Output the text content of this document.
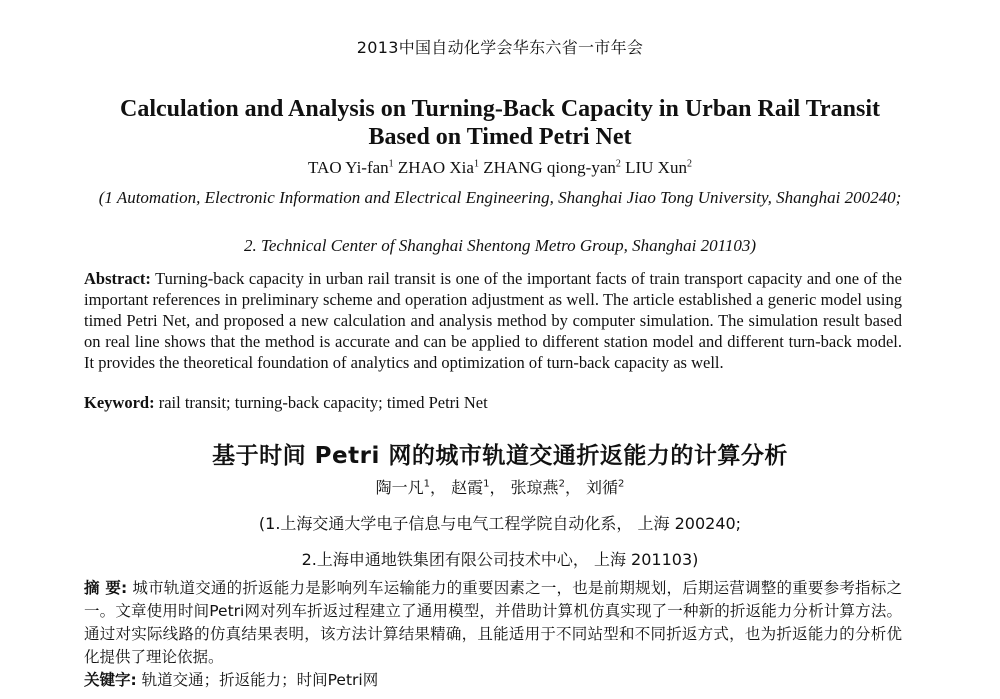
2013中国自动化学会华东六省一市年会
Calculation and Analysis on Turning-Back Capacity in Urban Rail Transit
Based on Timed Petri Net
TAO Yi-fan$^1$ ZHAO Xia$^1$ ZHANG qiong-yan$^2$ LIU Xun$^2$
(1 Automation, Electronic Information and Electrical Engineering, Shanghai Jiao Tong University, Shanghai 200240;
2. Technical Center of Shanghai Shentong Metro Group, Shanghai 201103)
Abstract: Turning-back capacity in urban rail transit is one of the important facts of train transport capacity and one of the important references in preliminary scheme and operation adjustment as well. The article established a generic model using timed Petri Net, and proposed a new calculation and analysis method by computer simulation. The simulation result based on real line shows that the method is accurate and can be applied to different station model and different turn-back model. It provides the theoretical foundation of analytics and optimization of turn-back capacity as well.
Keyword: rail transit; turning-back capacity; timed Petri Net
基于时间 Petri 网的城市轨道交通折返能力的计算分析
陶一凡$^1$， 赵霞$^1$， 张琼燕$^2$， 刘循$^2$
(1.上海交通大学电子信息与电气工程学院自动化系， 上海 200240;
2.上海申通地铁集团有限公司技术中心， 上海 201103)
摘 要: 城市轨道交通的折返能力是影响列车运输能力的重要因素之一，也是前期规划，后期运营调整的重要参考指标之一。文章使用时间Petri网对列车折返过程建立了通用模型，并借助计算机仿真实现了一种新的折返能力分析计算方法。通过对实际线路的仿真结果表明，该方法计算结果精确，且能适用于不同站型和不同折返方式，也为折返能力的分析优化提供了理论依据。
关键字: 轨道交通；折返能力；时间Petri网
